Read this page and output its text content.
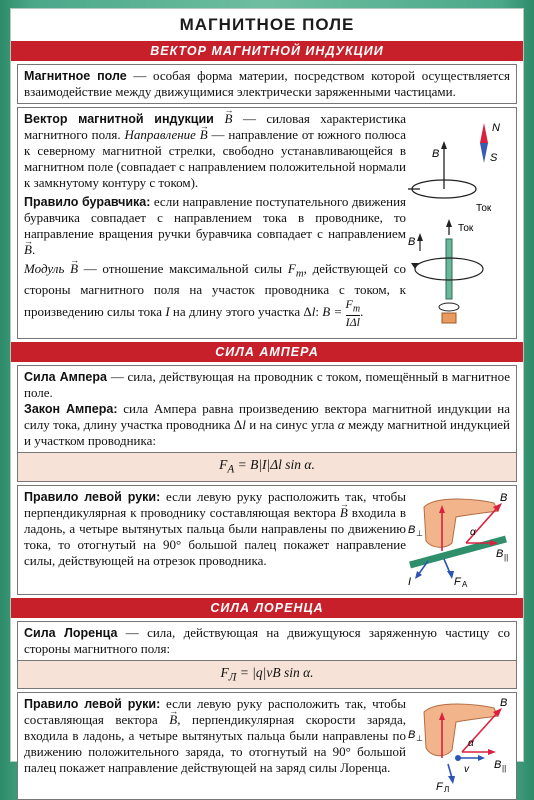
МАГНИТНОЕ ПОЛЕ
ВЕКТОР МАГНИТНОЙ ИНДУКЦИИ
Магнитное поле — особая форма материи, посредством которой осуществляется взаимодействие между движущимися электрически заряженными частицами.

Вектор магнитной индукции → B — силовая характеристика магнитного поля. Направление → B — направление от южного полюса к северному магнитной стрелки, свободно устанавливающейся в магнитном поле (совпадает с направлением положительной нормали к замкнутому контуру с током).

Правило буравчика: если направление поступательного движения буравчика совпадает с направлением тока в проводнике, то направление вращения ручки буравчика совпадает с направлением → B.

Модуль → B — отношение максимальной силы $F_m$, действующей со стороны магнитного поля на участок проводника с током, к произведению силы тока I на длину этого участка Δl: B =
$F_m$
IΔl
.

N
S
B
Ток
Ток
B
СИЛА АМПЕРА

Сила Ампера — сила, действующая на проводник с током, помещённый в магнитное поле.

Закон Ампера: сила Ампера равна произведению вектора магнитной индукции на силу тока, длину участка проводника Δl и на синус угла α между магнитной индукцией и участком проводника:

$F_A = B|I|\Delta l$ sin α.
Правило левой руки: если левую руку расположить так, чтобы перпендикулярная к проводнику составляющая вектора → B входила в ладонь, а четыре вытянутых пальца были направлены по движению тока, то отогнутый на 90° большой палец покажет направление силы, действующей на отрезок проводника.
B
B ⊥
B ||
α
I	F A
СИЛА ЛОРЕНЦА
Сила Лоренца — сила, действующая на движущуюся заряженную частицу со стороны магнитного поля:
$F_Л = |q|vB$ sin α.
Правило левой руки: если левую руку расположить так, чтобы составляющая вектора → B, перпендикулярная скорости заряда, входила в ладонь, а четыре вытянутых пальца были направлены по движению положительного заряда, то отогнутый на 90° большой палец покажет направление действующей на заряд силы Лоренца.
B
B ⊥
B ||
α
v
F Л
